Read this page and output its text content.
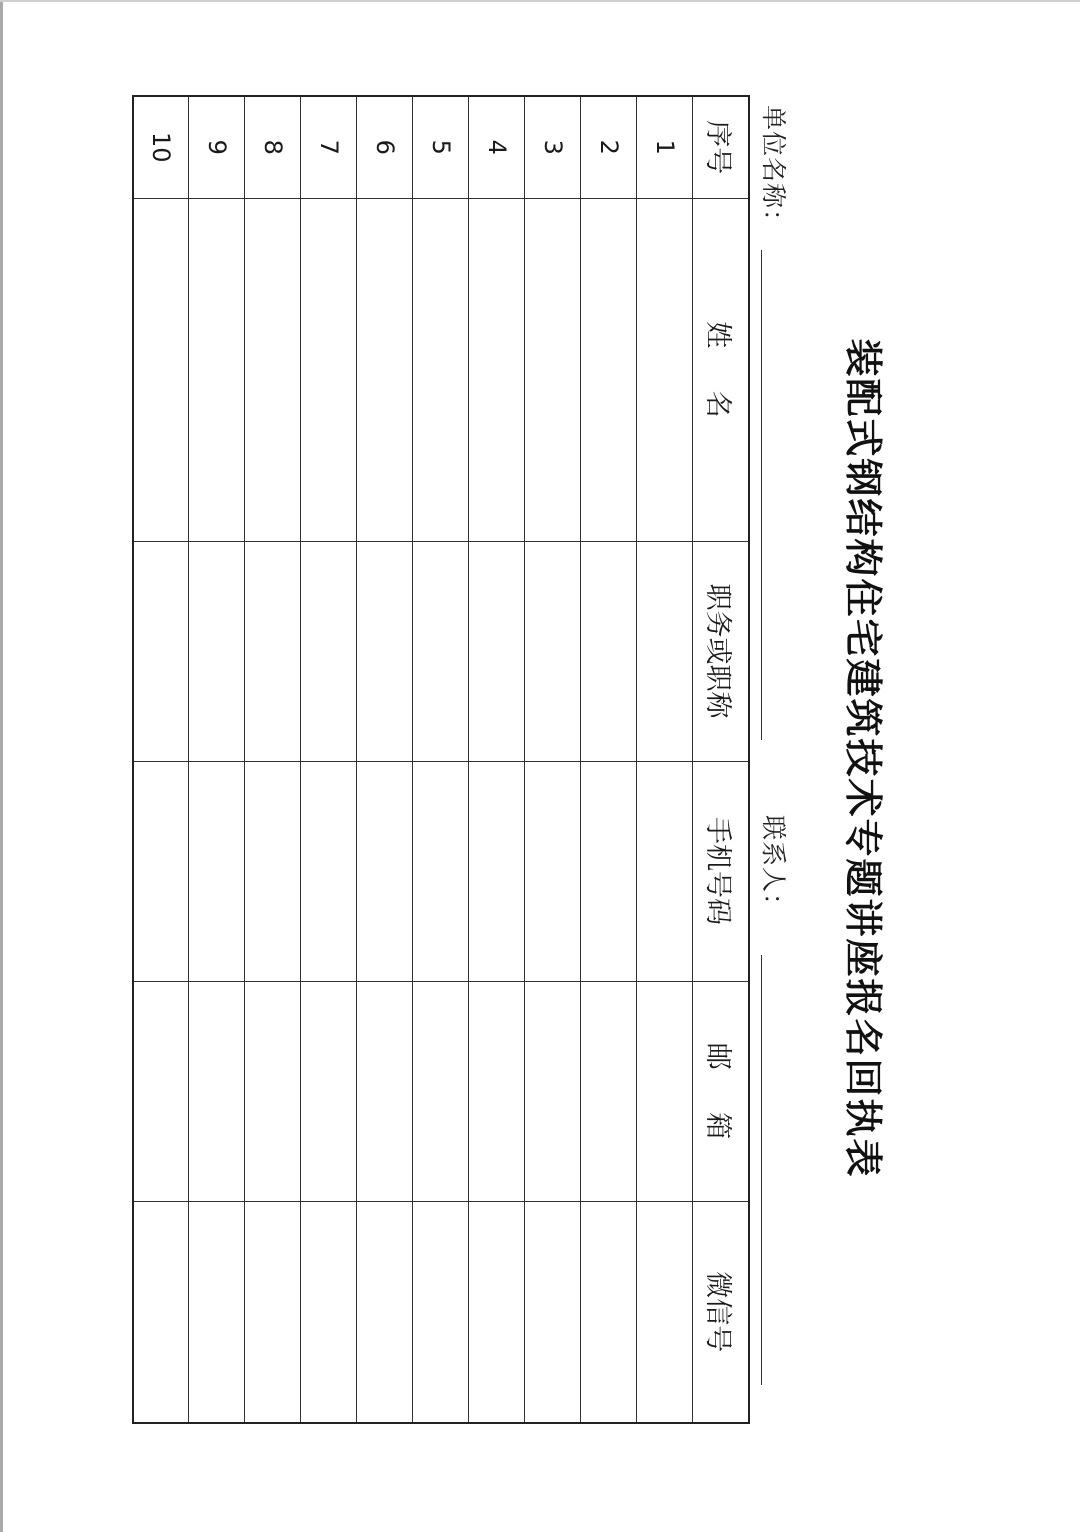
装配式钢结构住宅建筑技术专题讲座报名回执表
单位名称：
联系人：
序号	姓 名	职务或职称	手机号码	邮 箱	微信号
1					
2					
3					
4					
5					
6					
7					
8					
9					
10					
